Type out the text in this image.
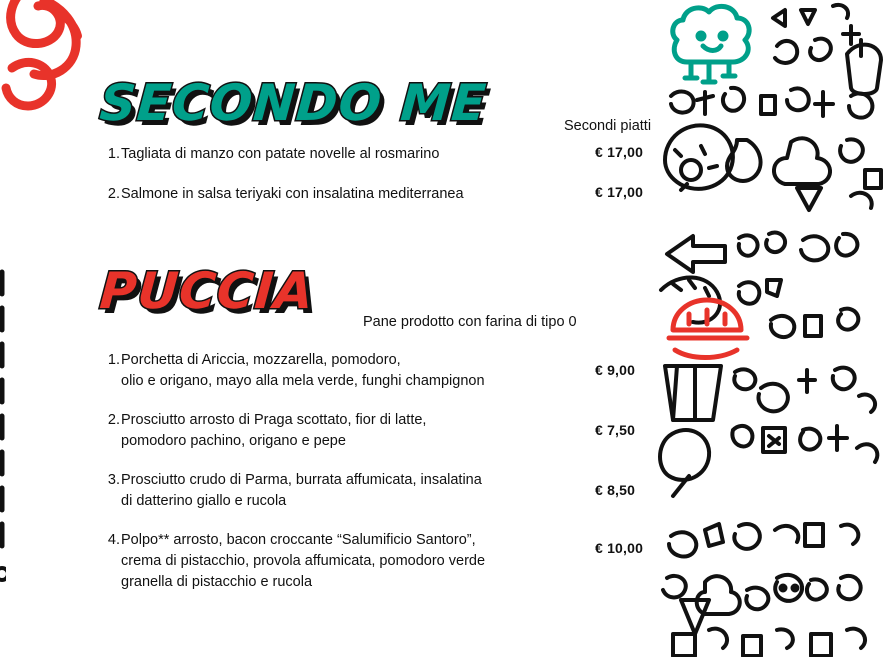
SECONDO ME	Secondi piatti
1. Tagliata di manzo con patate novelle al rosmarino	€ 17,00
2. Salmone in salsa teriyaki con insalatina mediterranea	€ 17,00
PUCCIA
Pane prodotto con farina di tipo 0
1. Porchetta di Ariccia, mozzarella, pomodoro,
olio e origano, mayo alla mela verde, funghi champignon
€ 9,00
2. Prosciutto arrosto di Praga scottato, fior di latte,
pomodoro pachino, origano e pepe
€ 7,50
3. Prosciutto crudo di Parma, burrata affumicata, insalatina
di datterino giallo e rucola
€ 8,50
4. Polpo** arrosto, bacon croccante “Salumificio Santoro”,
crema di pistacchio, provola affumicata, pomodoro verde
granella di pistacchio e rucola
€ 10,00
